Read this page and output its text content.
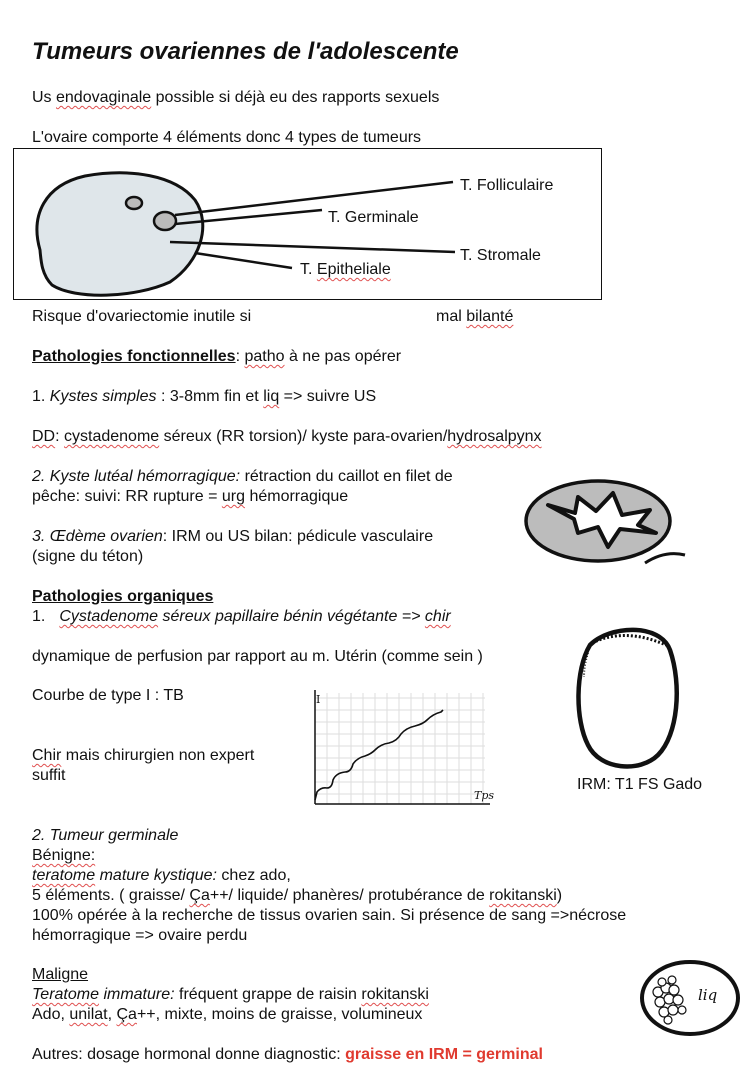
Tumeurs ovariennes de l'adolescente
Us endovaginale possible si déjà eu des rapports sexuels
L'ovaire comporte 4 éléments donc 4 types de tumeurs
T. Folliculaire
T. Germinale
T. Stromale
T. Epitheliale
Risque d'ovariectomie inutile si	mal bilanté
Pathologies fonctionnelles: patho à ne pas opérer
1. Kystes simples : 3-8mm fin et liq => suivre US
DD: cystadenome séreux (RR torsion)/ kyste para-ovarien/hydrosalpynx
2. Kyste lutéal hémorragique: rétraction du caillot en filet de
pêche: suivi: RR rupture = urg hémorragique
3. Œdème ovarien: IRM ou US bilan: pédicule vasculaire
(signe du téton)
Pathologies organiques
1. Cystadenome séreux papillaire bénin végétante => chir
dynamique de perfusion par rapport au m. Utérin (comme sein )
Courbe de type I : TB
Chir mais chirurgien non expert
suffit
I
Tps
IRM: T1 FS Gado
2. Tumeur germinale
Bénigne:
teratome mature kystique: chez ado,
5 éléments. ( graisse/ Ça++/ liquide/ phanères/ protubérance de rokitanski)
100% opérée à la recherche de tissus ovarien sain. Si présence de sang =>nécrose
hémorragique => ovaire perdu
Maligne
Teratome immature: fréquent grappe de raisin rokitanski
Ado, unilat, Ça++, mixte, moins de graisse, volumineux
liq
Autres: dosage hormonal donne diagnostic: graisse en IRM = germinal
